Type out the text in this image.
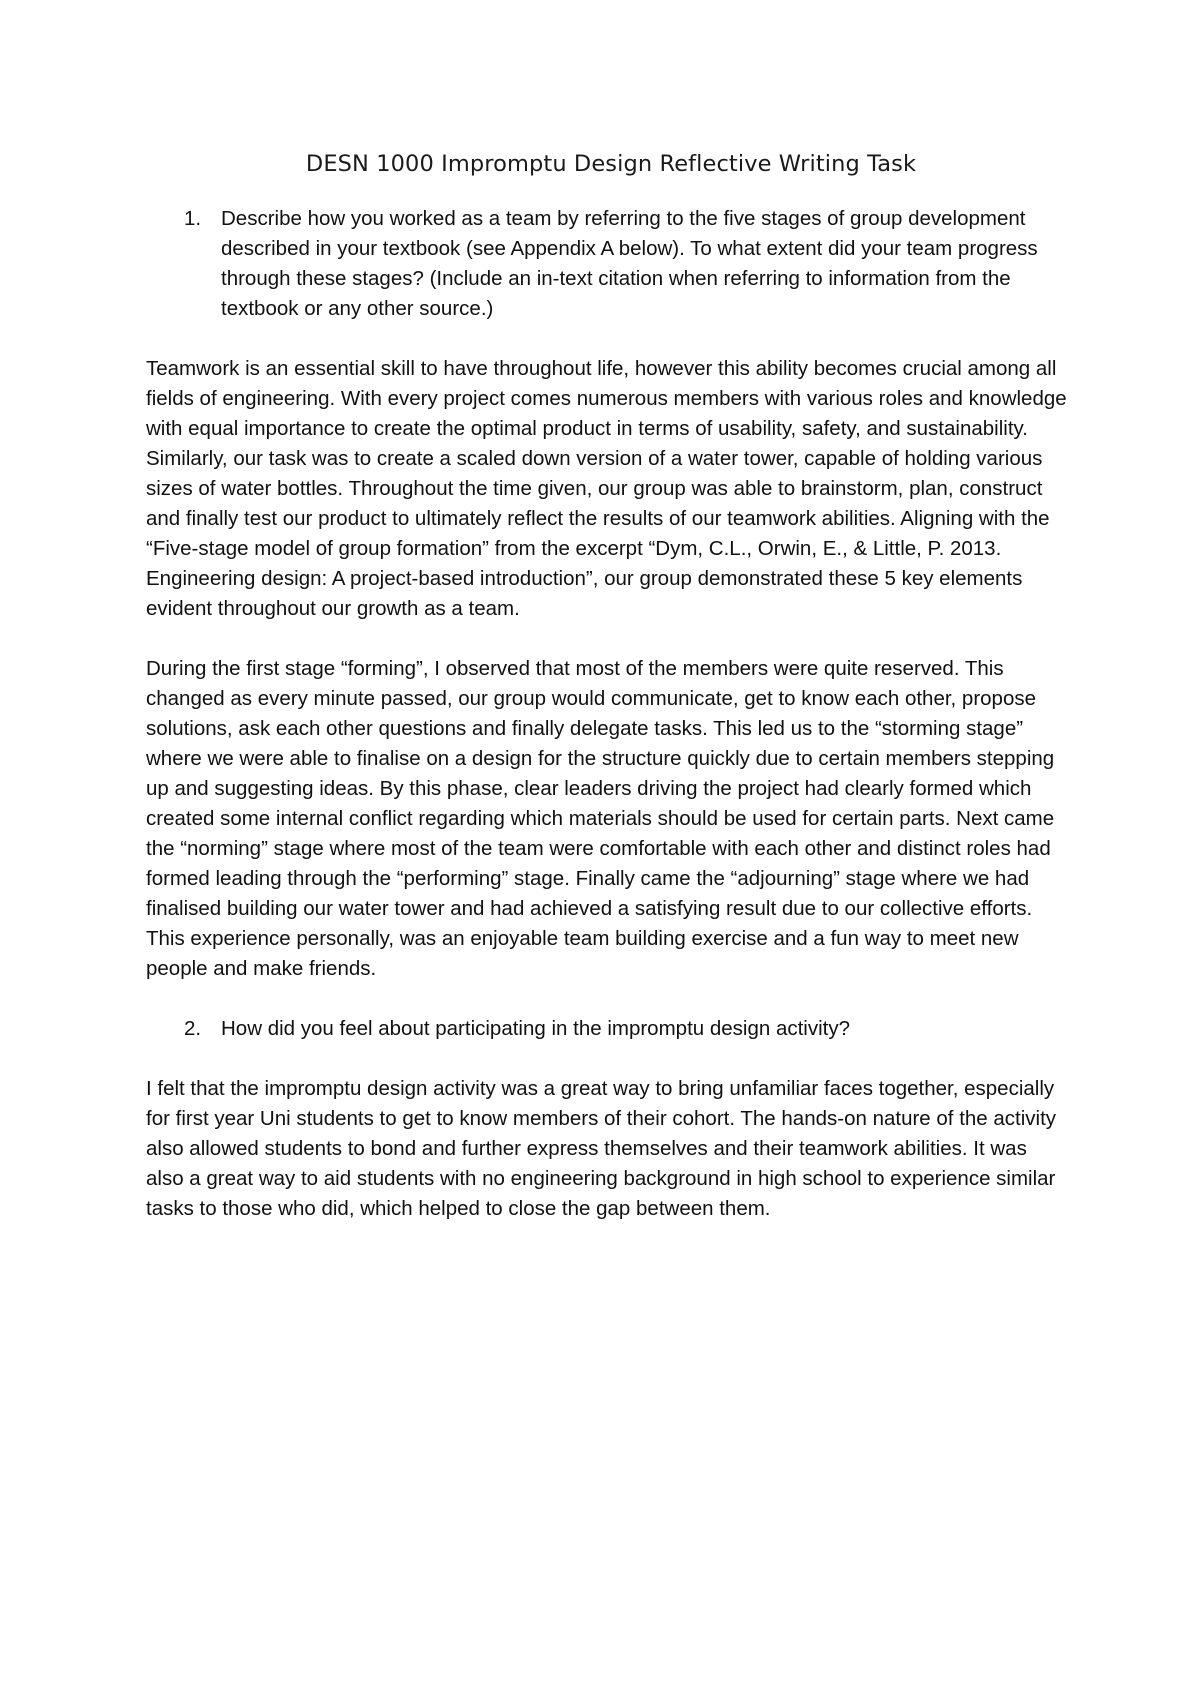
DESN 1000 Impromptu Design Reflective Writing Task
1. Describe how you worked as a team by referring to the five stages of group development described in your textbook (see Appendix A below). To what extent did your team progress through these stages? (Include an in-text citation when referring to information from the textbook or any other source.)

Teamwork is an essential skill to have throughout life, however this ability becomes crucial among all fields of engineering. With every project comes numerous members with various roles and knowledge with equal importance to create the optimal product in terms of usability, safety, and sustainability. Similarly, our task was to create a scaled down version of a water tower, capable of holding various sizes of water bottles. Throughout the time given, our group was able to brainstorm, plan, construct and finally test our product to ultimately reflect the results of our teamwork abilities. Aligning with the “Five-stage model of group formation” from the excerpt “Dym, C.L., Orwin, E., & Little, P. 2013. Engineering design: A project-based introduction”, our group demonstrated these 5 key elements evident throughout our growth as a team.

During the first stage “forming”, I observed that most of the members were quite reserved. This changed as every minute passed, our group would communicate, get to know each other, propose solutions, ask each other questions and finally delegate tasks. This led us to the “storming stage” where we were able to finalise on a design for the structure quickly due to certain members stepping up and suggesting ideas. By this phase, clear leaders driving the project had clearly formed which created some internal conflict regarding which materials should be used for certain parts. Next came the “norming” stage where most of the team were comfortable with each other and distinct roles had formed leading through the “performing” stage. Finally came the “adjourning” stage where we had finalised building our water tower and had achieved a satisfying result due to our collective efforts. This experience personally, was an enjoyable team building exercise and a fun way to meet new people and make friends.

2. How did you feel about participating in the impromptu design activity?

I felt that the impromptu design activity was a great way to bring unfamiliar faces together, especially for first year Uni students to get to know members of their cohort. The hands-on nature of the activity also allowed students to bond and further express themselves and their teamwork abilities. It was also a great way to aid students with no engineering background in high school to experience similar tasks to those who did, which helped to close the gap between them.
